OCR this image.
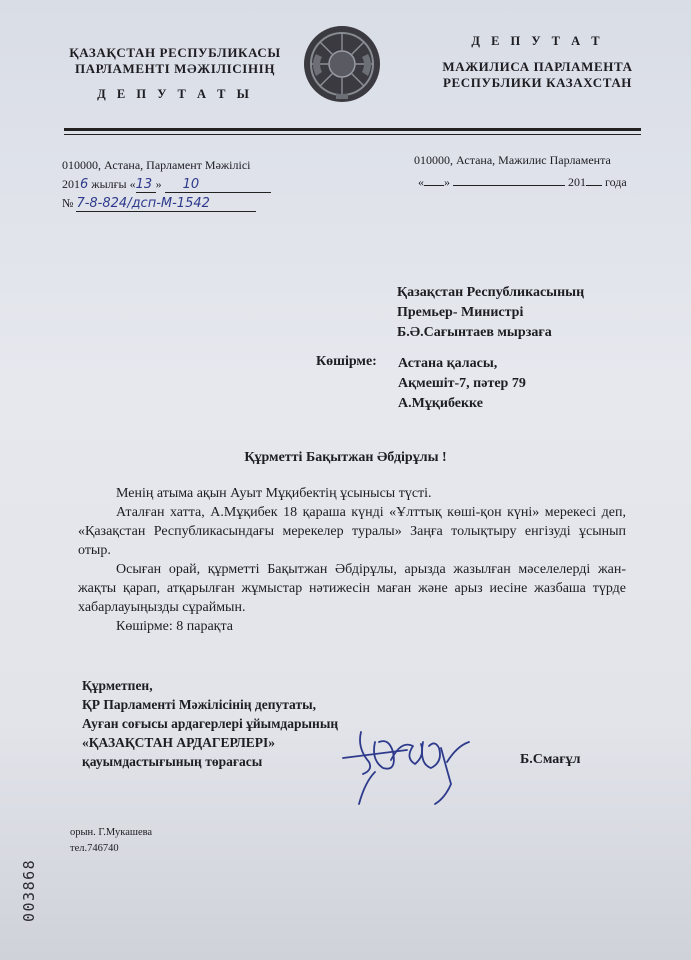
ҚАЗАҚСТАН РЕСПУБЛИКАСЫ
ПАРЛАМЕНТІ МӘЖІЛІСІНІҢ
Д Е П У Т А Т Ы
Д Е П У Т А Т
МАЖИЛИСА ПАРЛАМЕНТА
РЕСПУБЛИКИ КАЗАХСТАН
010000, Астана, Парламент Мәжілісі
2016 жылғы «13 » 10
№ 7-8-824/дсп-М-1542
010000, Астана, Мажилис Парламента
« »	201 года
Қазақстан Республикасының
Премьер- Министрі
Б.Ә.Сағынтаев мырзаға
Көшірме: Астана қаласы,
Ақмешіт-7, пәтер 79
А.Мұқибекке
Құрметті Бақытжан Әбдірұлы !
Менің атыма ақын Ауыт Мұқибектің ұсынысы түсті.
Аталған хатта, А.Мұқибек 18 қараша күнді «Ұлттық көші-қон күні» мерекесі деп, «Қазақстан Республикасындағы мерекелер туралы» Заңға толықтыру енгізуді ұсынып отыр.
Осыған орай, құрметті Бақытжан Әбдірұлы, арызда жазылған мәселелерді жан-жақты қарап, атқарылған жұмыстар нәтижесін маған және арыз иесіне жазбаша түрде хабарлауыңызды сұраймын.
Көшірме: 8 парақта
Құрметпен,
ҚР Парламенті Мәжілісінің депутаты,
Ауған соғысы ардагерлері ұйымдарының
«ҚАЗАҚСТАН АРДАГЕРЛЕРІ»
қауымдастығының төрағасы	Б.Смағұл
орын. Г.Мукашева
тел.746740
003868
